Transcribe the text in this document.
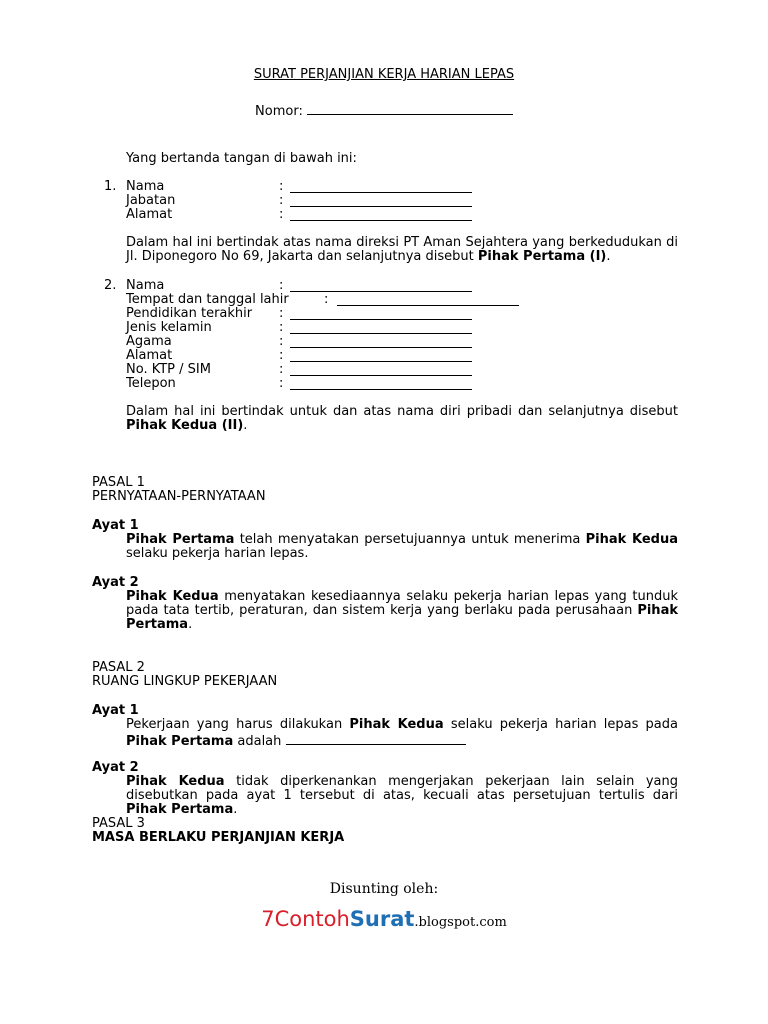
SURAT PERJANJIAN KERJA HARIAN LEPAS
Nomor:
Yang bertanda tangan di bawah ini:
1. Nama	:
Jabatan	:
Alamat	:
Dalam hal ini bertindak atas nama direksi PT Aman Sejahtera yang berkedudukan di Jl. Diponegoro No 69, Jakarta dan selanjutnya disebut Pihak Pertama (I).
2. Nama	:
Tempat dan tanggal lahir	:
Pendidikan terakhir :
Jenis kelamin	:
Agama	:
Alamat	:
No. KTP / SIM	:
Telepon	:
Dalam hal ini bertindak untuk dan atas nama diri pribadi dan selanjutnya disebut Pihak Kedua (II).
PASAL 1
PERNYATAAN-PERNYATAAN
Ayat 1
Pihak Pertama telah menyatakan persetujuannya untuk menerima Pihak Kedua selaku pekerja harian lepas.
Ayat 2
Pihak Kedua menyatakan kesediaannya selaku pekerja harian lepas yang tunduk pada tata tertib, peraturan, dan sistem kerja yang berlaku pada perusahaan Pihak Pertama.
PASAL 2
RUANG LINGKUP PEKERJAAN
Ayat 1
Pekerjaan yang harus dilakukan Pihak Kedua selaku pekerja harian lepas pada Pihak Pertama adalah
Ayat 2
Pihak Kedua tidak diperkenankan mengerjakan pekerjaan lain selain yang disebutkan pada ayat 1 tersebut di atas, kecuali atas persetujuan tertulis dari Pihak Pertama.
PASAL 3
MASA BERLAKU PERJANJIAN KERJA
Disunting oleh:
7ContohSurat.blogspot.com
